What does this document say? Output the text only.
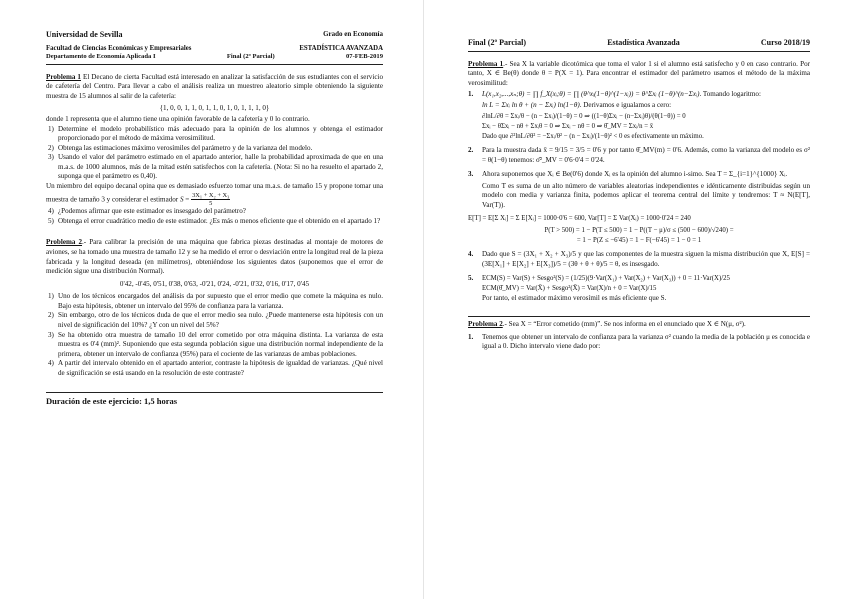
Universidad de Sevilla	Grado en Economía
Facultad de Ciencias Económicas y Empresariales	ESTADÍSTICA AVANZADA
Departamento de Economía Aplicada I	Final (2º Parcial)	07-FEB-2019
Problema 1 El Decano de cierta Facultad está interesado en analizar la satisfacción de sus estudiantes con el servicio de cafetería del Centro. Para llevar a cabo el análisis realiza un muestreo aleatorio simple obteniendo la siguiente muestra de 15 alumnos al salir de la cafetería:
{1, 0, 0, 1, 1, 0, 1, 1, 0, 1, 0, 1, 1, 1, 0}
donde 1 representa que el alumno tiene una opinión favorable de la cafetería y 0 lo contrario.
1) Determine el modelo probabilístico más adecuado para la opinión de los alumnos y obtenga el estimador proporcionado por el método de máxima verosimilitud.
2) Obtenga las estimaciones máximo verosímiles del parámetro y de la varianza del modelo.
3) Usando el valor del parámetro estimado en el apartado anterior, halle la probabilidad aproximada de que en una m.a.s. de 1000 alumnos, más de la mitad estén satisfechos con la cafetería. (Nota: Si no ha resuelto el apartado 2, suponga que el parámetro es 0,40).
Un miembro del equipo decanal opina que es demasiado esfuerzo tomar una m.a.s. de tamaño 15 y propone tomar una muestra de tamaño 3 y considerar el estimador $S = \frac{\text{3X₁ + X₂ + X₃}}{5}$
4) ¿Podemos afirmar que este estimador es insesgado del parámetro?
5) Obtenga el error cuadrático medio de este estimador. ¿Es más o menos eficiente que el obtenido en el apartado 1?
Problema 2.- Para calibrar la precisión de una máquina que fabrica piezas destinadas al montaje de motores de aviones, se ha tomado una muestra de tamaño 12 y se ha medido el error o desviación entre la longitud real de la pieza fabricada y la longitud deseada (en milímetros), obteniéndose los siguientes datos (suponemos que el error de medición sigue una distribución Normal).
0'42, -0'45, 0'51, 0'38, 0'63, -0'21, 0'24, -0'21, 0'32, 0'16, 0'17, 0'45
1) Uno de los técnicos encargados del análisis da por supuesto que el error medio que comete la máquina es nulo. Bajo esta hipótesis, obtener un intervalo del 95% de confianza para la varianza.
2) Sin embargo, otro de los técnicos duda de que el error medio sea nulo. ¿Puede mantenerse esta hipótesis con un nivel de significación del 10%? ¿Y con un nivel del 5%?
3) Se ha obtenido otra muestra de tamaño 10 del error cometido por otra máquina distinta. La varianza de esta muestra es 0'4 (mm)². Suponiendo que esta segunda población sigue una distribución normal independiente de la primera, obtener un intervalo de confianza (95%) para el cociente de las varianzas de ambas poblaciones.
4) A partir del intervalo obtenido en el apartado anterior, contraste la hipótesis de igualdad de varianzas. ¿Qué nivel de significación se está usando en la resolución de este contraste?
Duración de este ejercicio: 1,5 horas
Final (2º Parcial)	Estadística Avanzada	Curso 2018/19
Problema 1.- Sea X la variable dicotómica que toma el valor 1 si el alumno está satisfecho y 0 en caso contrario. Por tanto, X ∈ Be(θ) donde θ = P(X = 1). Para encontrar el estimador del parámetro usamos el método de la máxima verosimilitud:
1. L(x₁,x₂,...,xₙ;θ) = ∏ f_X(xᵢ;θ) = ∏ (θ^xᵢ(1−θ)^(1−xᵢ)) = θ^Σxᵢ (1−θ)^(n−Σxᵢ). Tomando logaritmo:
ln L = Σxᵢ ln θ + (n − Σxᵢ) ln(1−θ). Derivamos e igualamos a cero:
∂lnL/∂θ = Σxᵢ/θ − (n − Σxᵢ)/(1−θ) = 0 ⇒ ((1−θ)Σxᵢ − (n−Σxᵢ)θ)/(θ(1−θ)) = 0
Σxᵢ − θΣxᵢ − nθ + Σxᵢθ = 0 ⇒ Σxᵢ − nθ = 0 ⇒ θ̂_MV = Σxᵢ/n = x̄
Dado que ∂²lnL/∂θ² = −Σxᵢ/θ² − (n − Σxᵢ)/(1−θ)² < 0 es efectivamente un máximo.
2. Para la muestra dada x̄ = 9/15 = 3/5 = 0'6 y por tanto θ̂_MV(m) = 0'6. Además, como la varianza del modelo es σ² = θ(1−θ) tenemos: σ̂²_MV = 0'6·0'4 = 0'24.
3. Ahora suponemos que Xᵢ ∈ Be(0'6) donde Xᵢ es la opinión del alumno i-simo. Sea T = Σ_{i=1}^{1000} Xᵢ.
Como T es suma de un alto número de variables aleatorias independientes e idénticamente distribuidas según un modelo con media y varianza finita, podemos aplicar el teorema central del límite y tendremos: T ≈ N(E[T], Var(T)).
E[T] = E[Σ Xᵢ] = Σ E[Xᵢ] = 1000·0'6 = 600, Var[T] = Σ Var(Xᵢ) = 1000·0'24 = 240
P(T > 500) = 1 − P(T ≤ 500) = 1 − P((T − μ)/σ ≤ (500 − 600)/√240) =
= 1 − P(Z ≤ −6'45) = 1 − F(−6'45) = 1 − 0 = 1
4. Dado que S = (3X₁ + X₂ + X₃)/5 y que las componentes de la muestra siguen la misma distribución que X, E[S] = (3E[X₁] + E[X₂] + E[X₃])/5 = (3θ + θ + θ)/5 = θ, es insesgado.
5. ECM(S) = Var(S) + Sesgo²(S) = (1/25)(9·Var(X₁) + Var(X₂) + Var(X₃)) + 0 = 11·Var(X)/25
ECM(θ̂_MV) = Var(X̄) + Sesgo²(X̄) = Var(X)/n + 0 = Var(X)/15
Por tanto, el estimador máximo verosímil es más eficiente que S.
Problema 2.- Sea X = “Error cometido (mm)”. Se nos informa en el enunciado que X ∈ N(μ, σ²).
1. Tenemos que obtener un intervalo de confianza para la varianza σ² cuando la media de la población μ es conocida e igual a 0. Dicho intervalo viene dado por:
